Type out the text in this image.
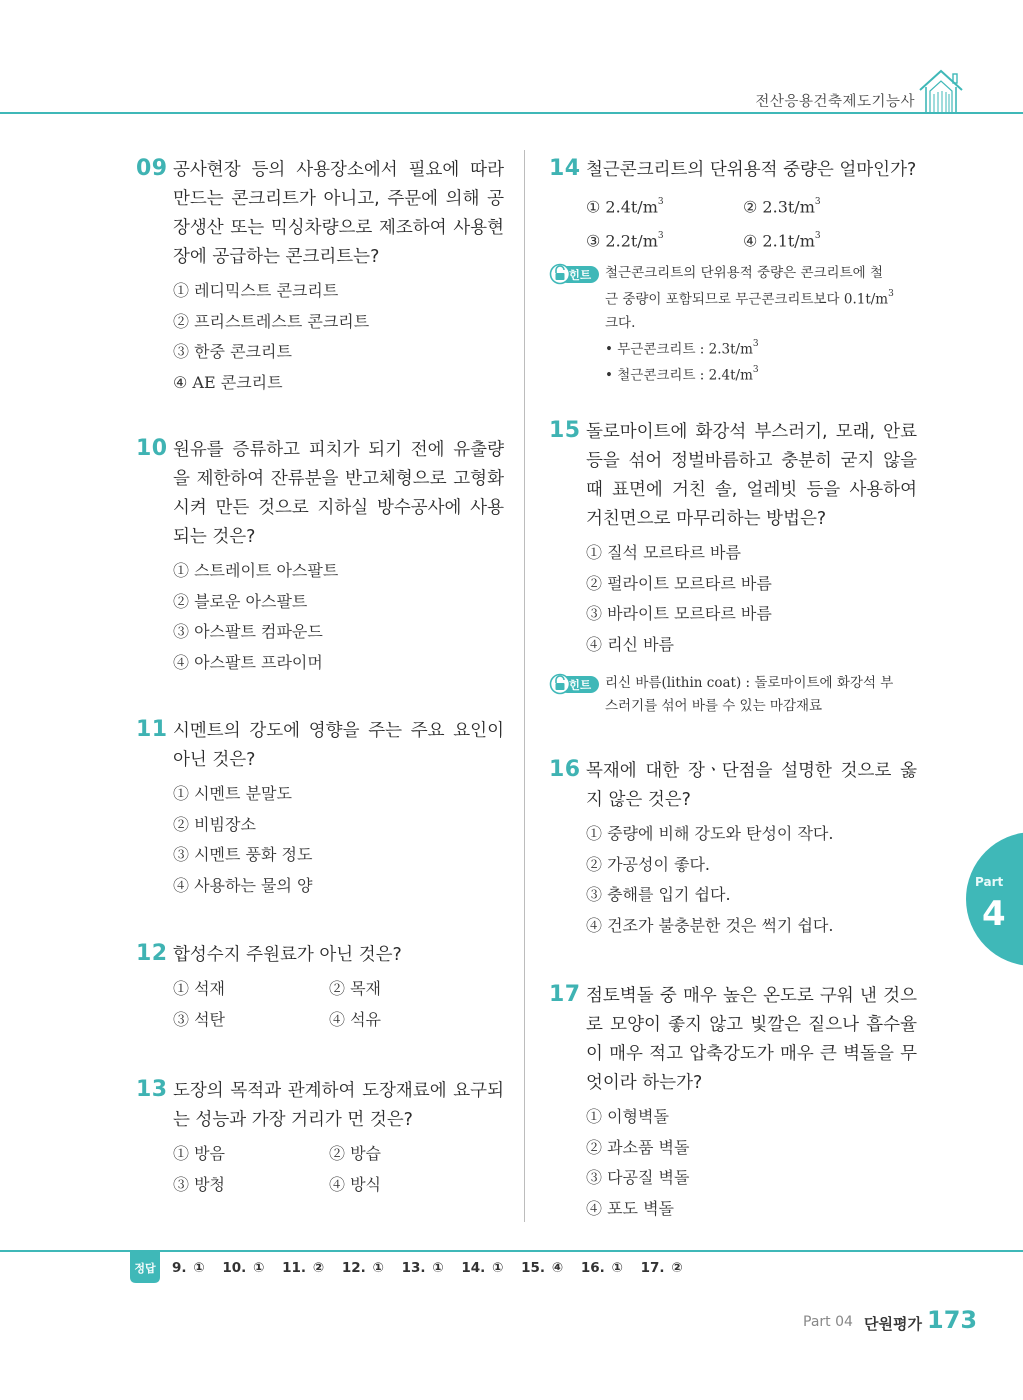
전산응용건축제도기능사
09 공사현장 등의 사용장소에서 필요에 따라 만드는 콘크리트가 아니고, 주문에 의해 공장생산 또는 믹싱차량으로 제조하여 사용현장에 공급하는 콘크리트는?
① 레디믹스트 콘크리트
② 프리스트레스트 콘크리트
③ 한중 콘크리트
④ AE 콘크리트
10 원유를 증류하고 피치가 되기 전에 유출량을 제한하여 잔류분을 반고체형으로 고형화시켜 만든 것으로 지하실 방수공사에 사용되는 것은?
① 스트레이트 아스팔트
② 블로운 아스팔트
③ 아스팔트 컴파운드
④ 아스팔트 프라이머
11 시멘트의 강도에 영향을 주는 주요 요인이 아닌 것은?
① 시멘트 분말도
② 비빔장소
③ 시멘트 풍화 정도
④ 사용하는 물의 양
12 합성수지 주원료가 아닌 것은?
① 석재	② 목재
③ 석탄	④ 석유
13 도장의 목적과 관계하여 도장재료에 요구되는 성능과 가장 거리가 먼 것은?
① 방음	② 방습
③ 방청	④ 방식
14 철근콘크리트의 단위용적 중량은 얼마인가?
① $2.4t/m^3$	② $2.3t/m^3$
③ $2.2t/m^3$	④ $2.1t/m^3$
힌트 철근콘크리트의 단위용적 중량은 콘크리트에 철
근 중량이 포함되므로 무근콘크리트보다 $0.1t/m^3$
크다.
• 무근콘크리트 : $2.3t/m^3$
• 철근콘크리트 : $2.4t/m^3$
15 돌로마이트에 화강석 부스러기, 모래, 안료 등을 섞어 정벌바름하고 충분히 굳지 않을 때 표면에 거친 솔, 얼레빗 등을 사용하여 거친면으로 마무리하는 방법은?
① 질석 모르타르 바름
② 펄라이트 모르타르 바름
③ 바라이트 모르타르 바름
④ 리신 바름
힌트 리신 바름(lithin coat) : 돌로마이트에 화강석 부
스러기를 섞어 바를 수 있는 마감재료
16 목재에 대한 장ㆍ단점을 설명한 것으로 옳지 않은 것은?
① 중량에 비해 강도와 탄성이 작다.
② 가공성이 좋다.
③ 충해를 입기 쉽다.
④ 건조가 불충분한 것은 썩기 쉽다.
17 점토벽돌 중 매우 높은 온도로 구워 낸 것으로 모양이 좋지 않고 빛깔은 짙으나 흡수율이 매우 적고 압축강도가 매우 큰 벽돌을 무엇이라 하는가?
① 이형벽돌
② 과소품 벽돌
③ 다공질 벽돌
④ 포도 벽돌
Part
4
정답 9. ① 10. ① 11. ② 12. ① 13. ① 14. ① 15. ④ 16. ① 17. ②
Part 04 단원평가 173
